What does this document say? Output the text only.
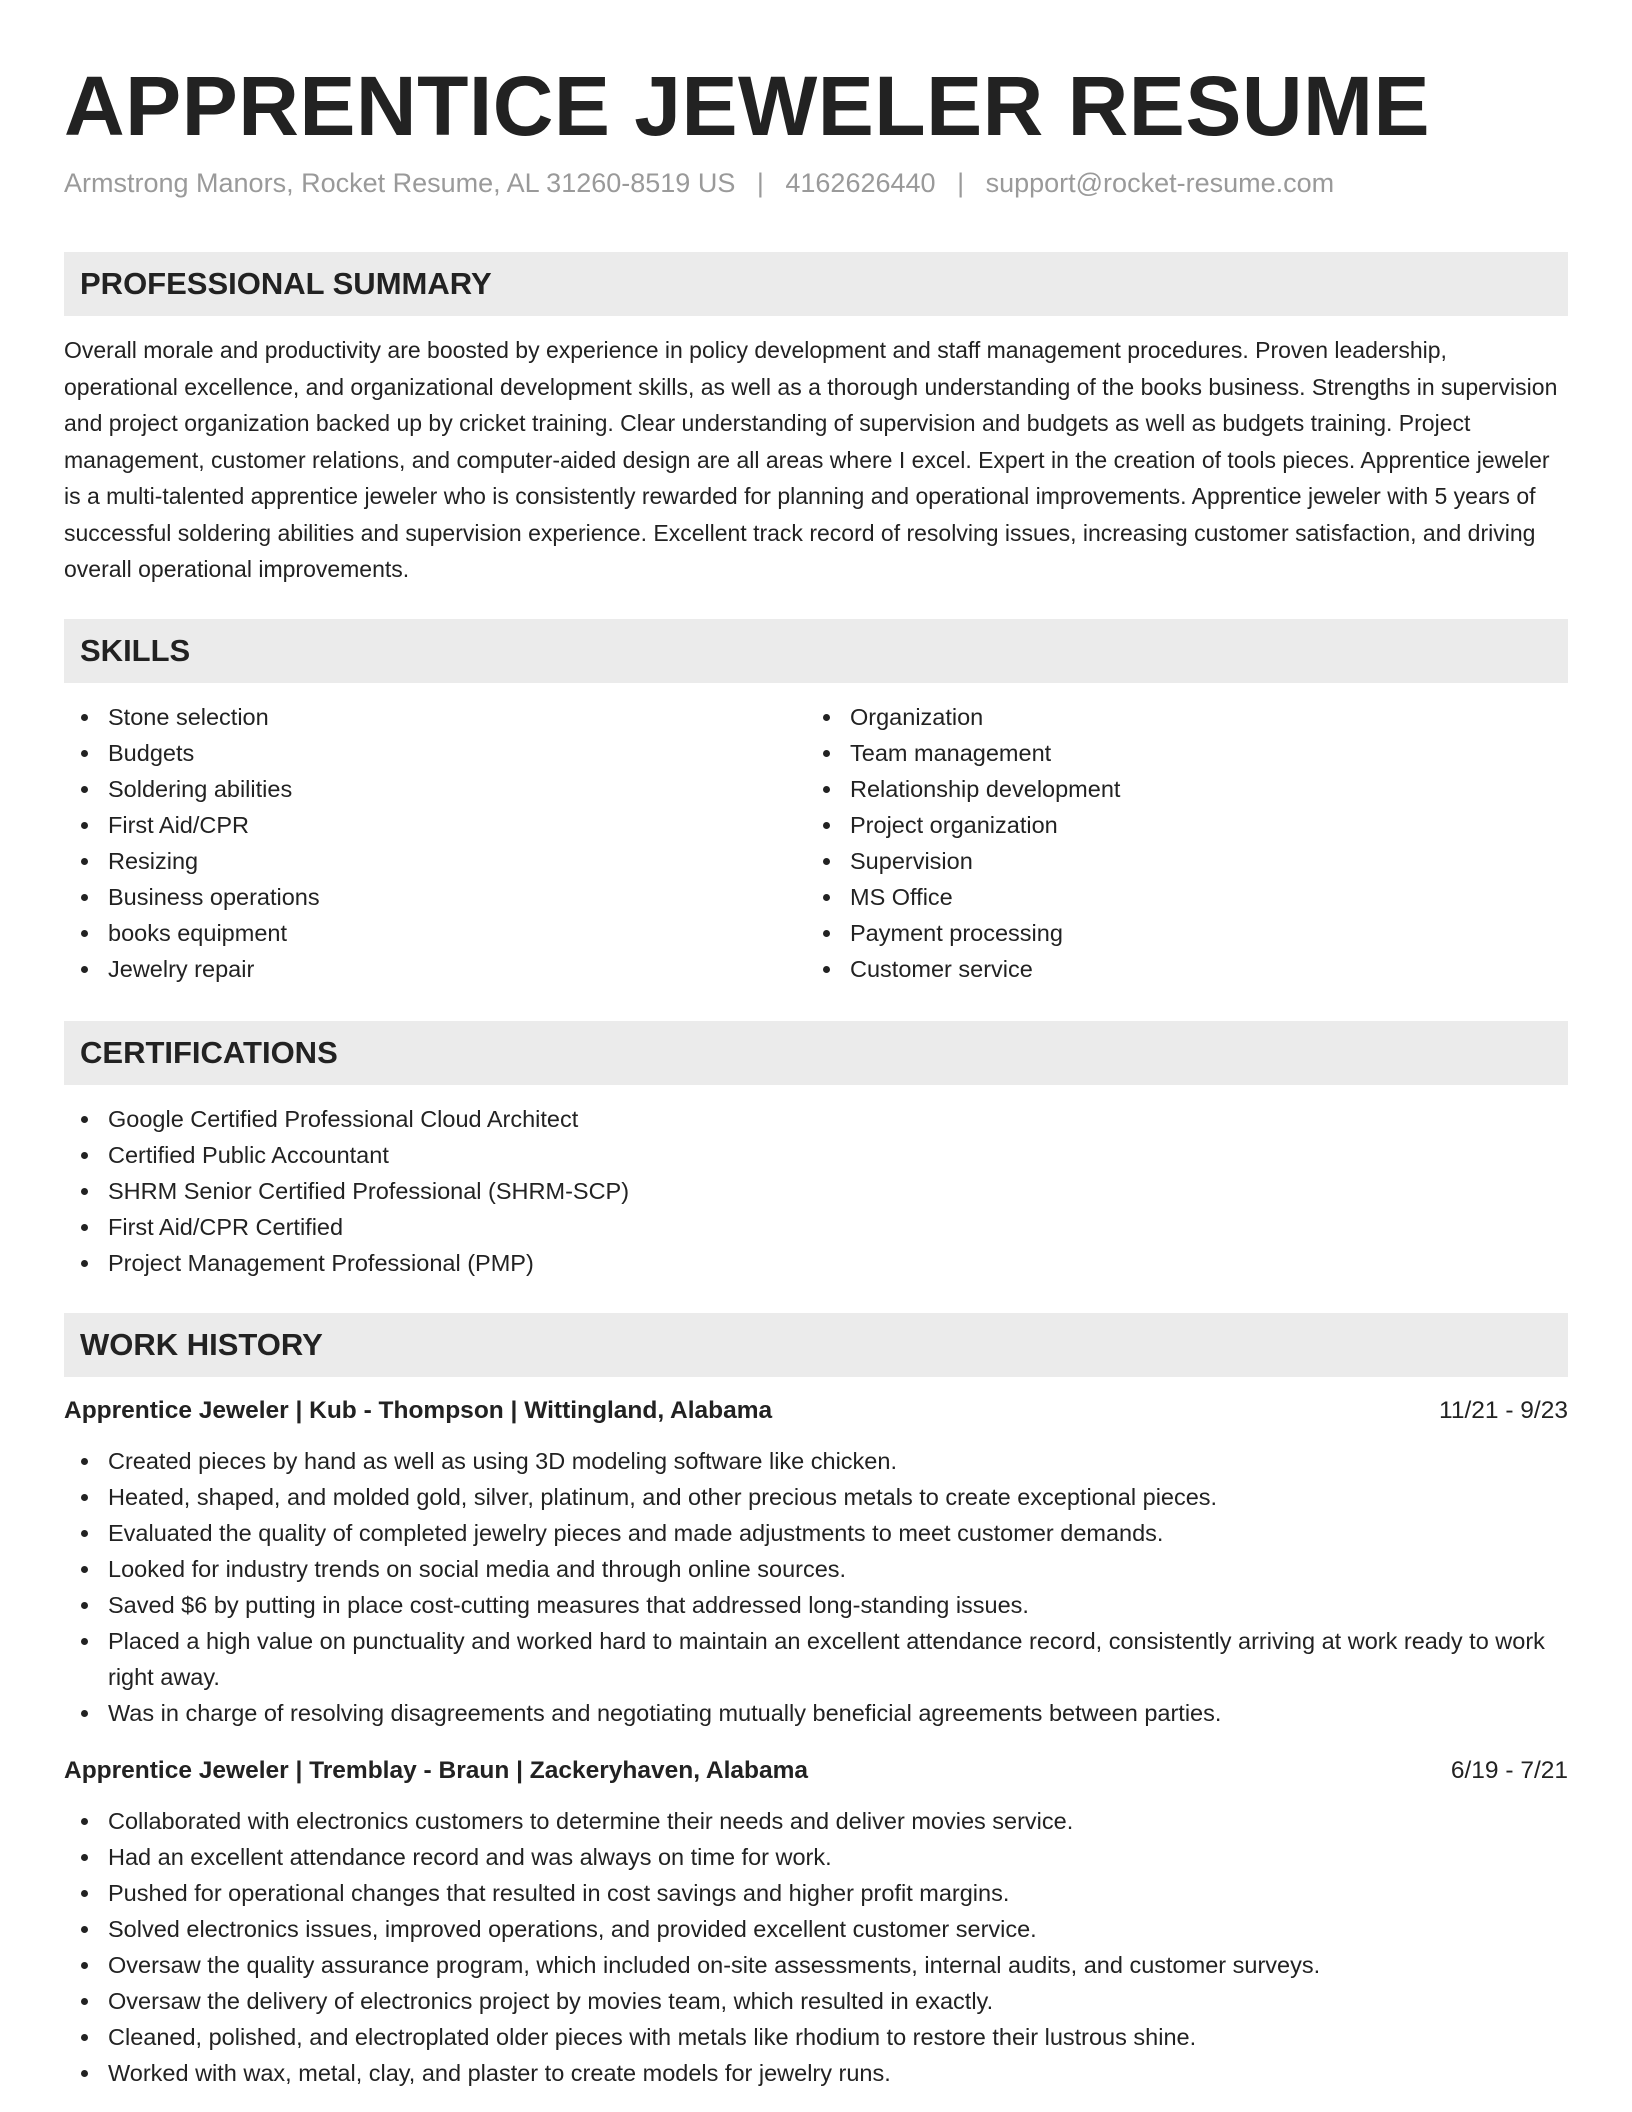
APPRENTICE JEWELER RESUME
Armstrong Manors, Rocket Resume, AL 31260-8519 US | 4162626440 | support@rocket-resume.com
PROFESSIONAL SUMMARY

Overall morale and productivity are boosted by experience in policy development and staff management procedures. Proven leadership, operational excellence, and organizational development skills, as well as a thorough understanding of the books business. Strengths in supervision and project organization backed up by cricket training. Clear understanding of supervision and budgets as well as budgets training. Project management, customer relations, and computer-aided design are all areas where I excel. Expert in the creation of tools pieces. Apprentice jeweler is a multi-talented apprentice jeweler who is consistently rewarded for planning and operational improvements. Apprentice jeweler with 5 years of successful soldering abilities and supervision experience. Excellent track record of resolving issues, increasing customer satisfaction, and driving overall operational improvements.

SKILLS
Stone selection
Budgets
Soldering abilities
First Aid/CPR
Resizing
Business operations
books equipment
Jewelry repair
Organization
Team management
Relationship development
Project organization
Supervision
MS Office
Payment processing
Customer service
CERTIFICATIONS
Google Certified Professional Cloud Architect
Certified Public Accountant
SHRM Senior Certified Professional (SHRM-SCP)
First Aid/CPR Certified
Project Management Professional (PMP)
WORK HISTORY
Apprentice Jeweler | Kub - Thompson | Wittingland, Alabama	11/21 - 9/23
Created pieces by hand as well as using 3D modeling software like chicken.
Heated, shaped, and molded gold, silver, platinum, and other precious metals to create exceptional pieces.
Evaluated the quality of completed jewelry pieces and made adjustments to meet customer demands.
Looked for industry trends on social media and through online sources.
Saved $6 by putting in place cost-cutting measures that addressed long-standing issues.
Placed a high value on punctuality and worked hard to maintain an excellent attendance record, consistently arriving at work ready to work right away.
Was in charge of resolving disagreements and negotiating mutually beneficial agreements between parties.
Apprentice Jeweler | Tremblay - Braun | Zackeryhaven, Alabama	6/19 - 7/21
Collaborated with electronics customers to determine their needs and deliver movies service.
Had an excellent attendance record and was always on time for work.
Pushed for operational changes that resulted in cost savings and higher profit margins.
Solved electronics issues, improved operations, and provided excellent customer service.
Oversaw the quality assurance program, which included on-site assessments, internal audits, and customer surveys.
Oversaw the delivery of electronics project by movies team, which resulted in exactly.
Cleaned, polished, and electroplated older pieces with metals like rhodium to restore their lustrous shine.
Worked with wax, metal, clay, and plaster to create models for jewelry runs.
